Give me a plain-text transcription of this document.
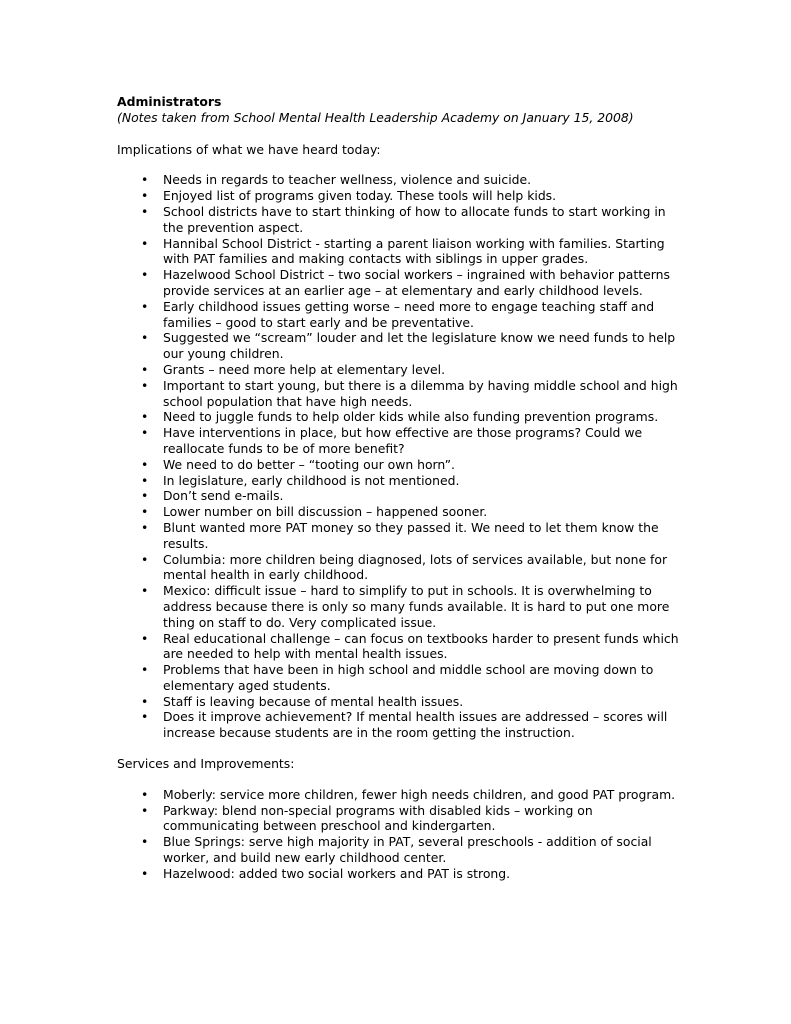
Administrators

(Notes taken from School Mental Health Leadership Academy on January 15, 2008)

Implications of what we have heard today:

• Needs in regards to teacher wellness, violence and suicide.
• Enjoyed list of programs given today. These tools will help kids.
• School districts have to start thinking of how to allocate funds to start working in the prevention aspect.
• Hannibal School District - starting a parent liaison working with families. Starting with PAT families and making contacts with siblings in upper grades.
• Hazelwood School District – two social workers – ingrained with behavior patterns provide services at an earlier age – at elementary and early childhood levels.
• Early childhood issues getting worse – need more to engage teaching staff and families – good to start early and be preventative.
• Suggested we “scream” louder and let the legislature know we need funds to help our young children.
• Grants – need more help at elementary level.
• Important to start young, but there is a dilemma by having middle school and high school population that have high needs.
• Need to juggle funds to help older kids while also funding prevention programs.
• Have interventions in place, but how effective are those programs? Could we reallocate funds to be of more benefit?
• We need to do better – “tooting our own horn”.
• In legislature, early childhood is not mentioned.
• Don’t send e-mails.
• Lower number on bill discussion – happened sooner.
• Blunt wanted more PAT money so they passed it. We need to let them know the results.
• Columbia: more children being diagnosed, lots of services available, but none for mental health in early childhood.
• Mexico: difficult issue – hard to simplify to put in schools. It is overwhelming to address because there is only so many funds available. It is hard to put one more thing on staff to do. Very complicated issue.
• Real educational challenge – can focus on textbooks harder to present funds which are needed to help with mental health issues.
• Problems that have been in high school and middle school are moving down to elementary aged students.
• Staff is leaving because of mental health issues.
• Does it improve achievement? If mental health issues are addressed – scores will increase because students are in the room getting the instruction.

Services and Improvements:

• Moberly: service more children, fewer high needs children, and good PAT program.
• Parkway: blend non-special programs with disabled kids – working on communicating between preschool and kindergarten.
• Blue Springs: serve high majority in PAT, several preschools - addition of social worker, and build new early childhood center.
• Hazelwood: added two social workers and PAT is strong.
